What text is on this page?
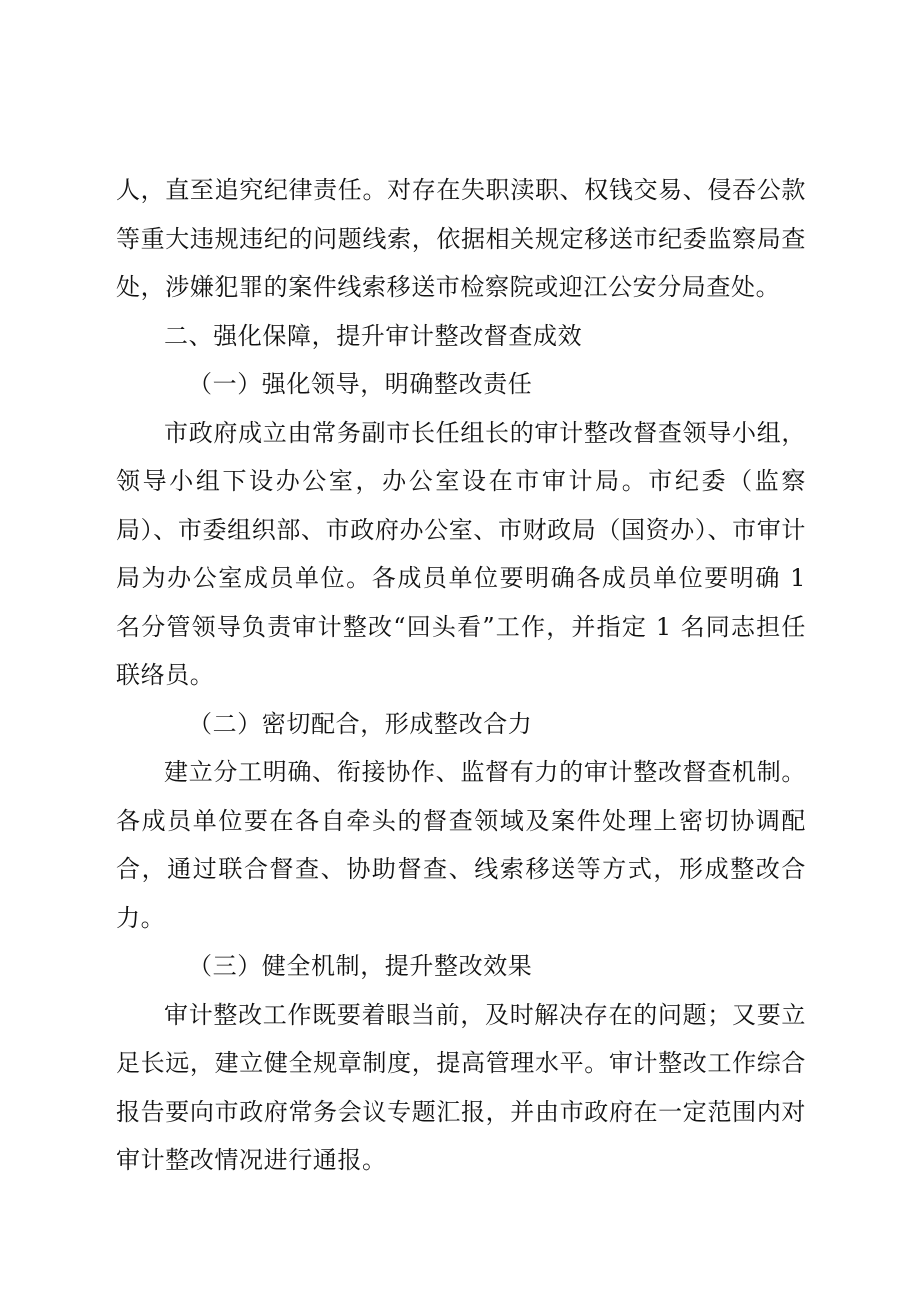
人，直至追究纪律责任。对存在失职渎职、权钱交易、侵吞公款等重大违规违纪的问题线索，依据相关规定移送市纪委监察局查处，涉嫌犯罪的案件线索移送市检察院或迎江公安分局查处。

二、强化保障，提升审计整改督查成效

（一）强化领导，明确整改责任

市政府成立由常务副市长任组长的审计整改督查领导小组，领导小组下设办公室，办公室设在市审计局。市纪委（监察局）、市委组织部、市政府办公室、市财政局（国资办）、市审计局为办公室成员单位。各成员单位要明确各成员单位要明确 1 名分管领导负责审计整改“回头看”工作，并指定 1 名同志担任联络员。

（二）密切配合，形成整改合力

建立分工明确、衔接协作、监督有力的审计整改督查机制。各成员单位要在各自牵头的督查领域及案件处理上密切协调配合，通过联合督查、协助督查、线索移送等方式，形成整改合力。

（三）健全机制，提升整改效果

审计整改工作既要着眼当前，及时解决存在的问题；又要立足长远，建立健全规章制度，提高管理水平。审计整改工作综合报告要向市政府常务会议专题汇报，并由市政府在一定范围内对审计整改情况进行通报。
